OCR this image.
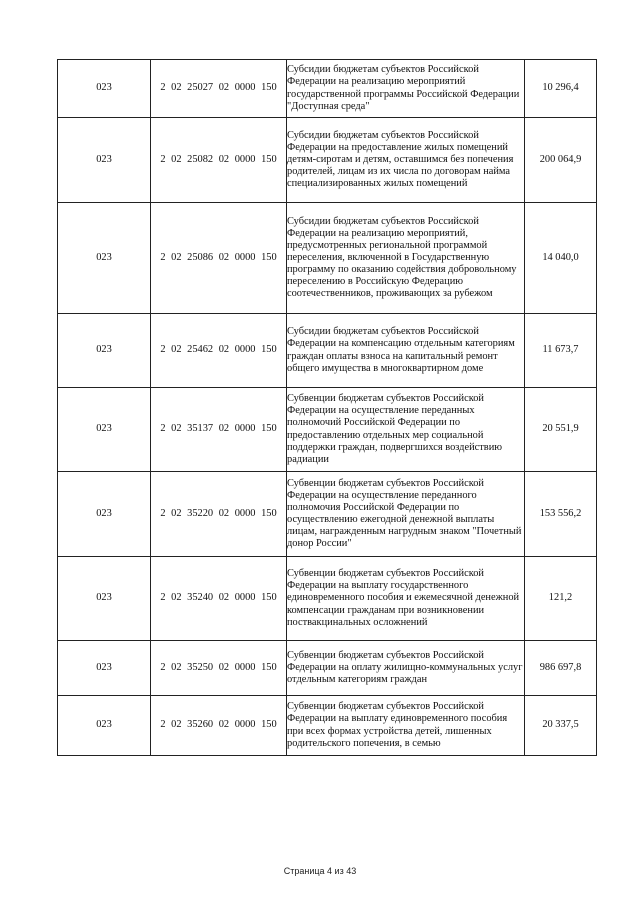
023	2 02 25027 02 0000 150	Субсидии бюджетам субъектов Российской Федерации на реализацию мероприятий государственной программы Российской Федерации "Доступная среда"	10 296,4
023	2 02 25082 02 0000 150	Субсидии бюджетам субъектов Российской Федерации на предоставление жилых помещений детям-сиротам и детям, оставшимся без попечения родителей, лицам из их числа по договорам найма специализированных жилых помещений	200 064,9
023	2 02 25086 02 0000 150	Субсидии бюджетам субъектов Российской Федерации на реализацию мероприятий, предусмотренных региональной программой переселения, включенной в Государственную программу по оказанию содействия добровольному переселению в Российскую Федерацию соотечественников, проживающих за рубежом	14 040,0
023	2 02 25462 02 0000 150	Субсидии бюджетам субъектов Российской Федерации на компенсацию отдельным категориям граждан оплаты взноса на капитальный ремонт общего имущества в многоквартирном доме	11 673,7
023	2 02 35137 02 0000 150	Субвенции бюджетам субъектов Российской Федерации на осуществление переданных полномочий Российской Федерации по предоставлению отдельных мер социальной поддержки граждан, подвергшихся воздействию радиации	20 551,9
023	2 02 35220 02 0000 150	Субвенции бюджетам субъектов Российской Федерации на осуществление переданного полномочия Российской Федерации по осуществлению ежегодной денежной выплаты лицам, награжденным нагрудным знаком "Почетный донор России"	153 556,2
023	2 02 35240 02 0000 150	Субвенции бюджетам субъектов Российской Федерации на выплату государственного единовременного пособия и ежемесячной денежной компенсации гражданам при возникновении поствакцинальных осложнений	121,2
023	2 02 35250 02 0000 150	Субвенции бюджетам субъектов Российской Федерации на оплату жилищно-коммунальных услуг отдельным категориям граждан	986 697,8
023	2 02 35260 02 0000 150	Субвенции бюджетам субъектов Российской Федерации на выплату единовременного пособия при всех формах устройства детей, лишенных родительского попечения, в семью	20 337,5
Страница 4 из 43
